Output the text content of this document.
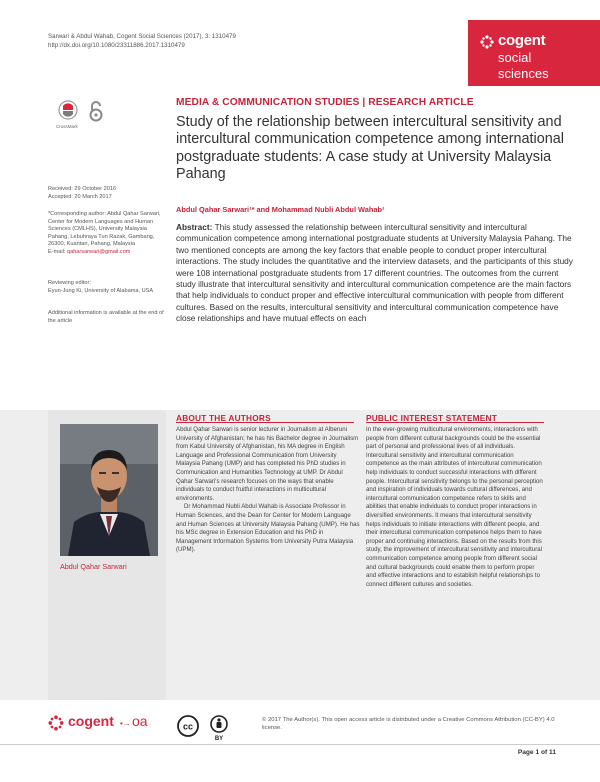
Sarwari & Abdul Wahab, Cogent Social Sciences (2017), 3: 1310479
http://dx.doi.org/10.1080/23311886.2017.1310479	cogent
social
sciences
CrossMark
MEDIA & COMMUNICATION STUDIES | RESEARCH ARTICLE
Study of the relationship between intercultural sensitivity and intercultural communication competence among international postgraduate students: A case study at University Malaysia Pahang
Abdul Qahar Sarwari¹* and Mohammad Nubli Abdul Wahab¹
Abstract: This study assessed the relationship between intercultural sensitivity and intercultural communication competence among international postgraduate students at University Malaysia Pahang. The two mentioned concepts are among the key factors that enable people to conduct proper intercultural interactions. The study includes the quantitative and the interview datasets, and the participants of this study were 108 international postgraduate students from 17 different countries. The outcomes from the current study illustrate that intercultural sensitivity and intercultural communication competence are the main factors that help individuals to conduct proper and effective intercultural communication with people from different cultures. Based on the results, intercultural sensitivity and intercultural communication competence have close relationships and have mutual effects on each
Received: 29 October 2016
Accepted: 20 March 2017
*Corresponding author: Abdul Qahar Sarwari, Center for Modern Languages and Human Sciences (CMLHS), University Malaysia Pahang, Lebuhraya Tun Razak, Gambang, 26300, Kuantan, Pahang, Malaysia
E-mail: qaharsarwari@gmail.com
Reviewing editor:
Eyun-Jung Ki, University of Alabama, USA
Additional information is available at the end of the article
Abdul Qahar Sarwari
ABOUT THE AUTHORS
Abdul Qahar Sarwari is senior lecturer in Journalism at Alberuni University of Afghanistan; he has his Bachelor degree in Journalism from Kabul University of Afghanistan, his MA degree in English Language and Professional Communication from University Malaysia Pahang (UMP) and has completed his PhD studies in Communication and Humanities Technology at UMP. Dr Abdul Qahar Sarwari's research focuses on the ways that enable individuals to conduct fruitful interactions in multicultural environments.
Dr Mohammad Nubli Abdul Wahab is Associate Professor in Human Sciences, and the Dean for Center for Modern Language and Human Sciences at University Malaysia Pahang (UMP). He has his MSc degree in Extension Education and his PhD in Management Information Systems from University Putra Malaysia (UPM).
PUBLIC INTEREST STATEMENT
In the ever-growing multicultural environments, interactions with people from different cultural backgrounds could be the essential part of personal and professional lives of all individuals. Intercultural sensitivity and intercultural communication competence as the main attributes of intercultural communication help individuals to conduct successful interactions with different people. Intercultural sensitivity belongs to the personal perception and inspiration of individuals towards cultural differences, and intercultural communication competence refers to skills and abilities that enable individuals to conduct proper interactions in diversified environments. It means that intercultural sensitivity helps individuals to initiate interactions with different people, and their intercultural communication competence helps them to have proper and continuing interactions. Based on the results from this study, the improvement of intercultural sensitivity and intercultural communication competence among people from different social and cultural backgrounds could enable them to perform proper and effective interactions and to establish helpful relationships to connect different cultures and societies.
cogent •→ oa	cc
BY
© 2017 The Author(s). This open access article is distributed under a Creative Commons Attribution (CC-BY) 4.0 license.
Page 1 of 11
